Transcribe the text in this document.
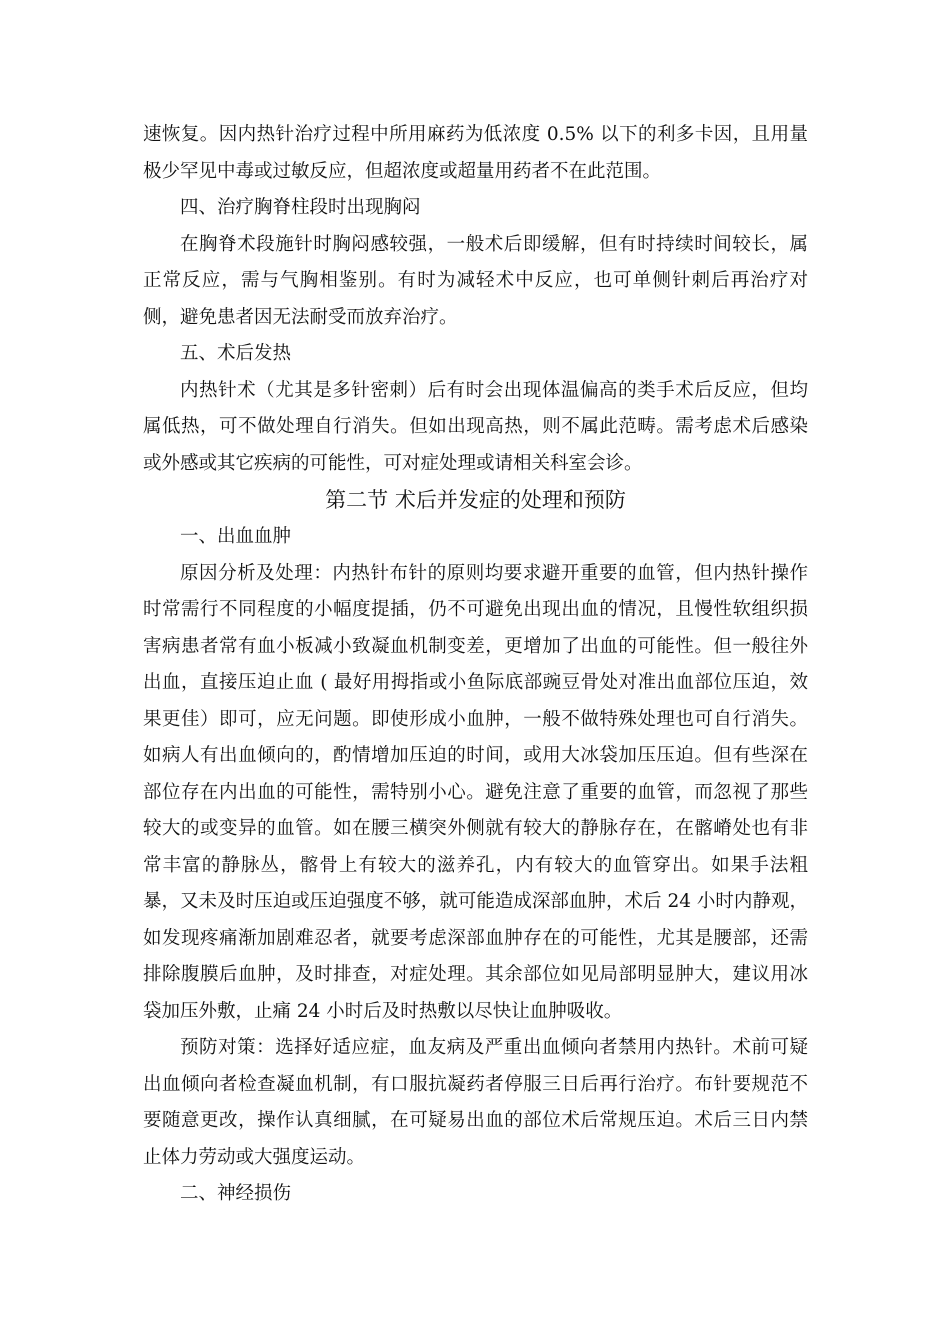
速恢复。因内热针治疗过程中所用麻药为低浓度 0.5% 以下的利多卡因，且用量极少罕见中毒或过敏反应，但超浓度或超量用药者不在此范围。

四、治疗胸脊柱段时出现胸闷

在胸脊术段施针时胸闷感较强，一般术后即缓解，但有时持续时间较长，属正常反应，需与气胸相鉴别。有时为减轻术中反应，也可单侧针刺后再治疗对侧，避免患者因无法耐受而放弃治疗。

五、术后发热

内热针术（尤其是多针密刺）后有时会出现体温偏高的类手术后反应，但均属低热，可不做处理自行消失。但如出现高热，则不属此范畴。需考虑术后感染或外感或其它疾病的可能性，可对症处理或请相关科室会诊。

第二节 术后并发症的处理和预防

一、出血血肿

原因分析及处理：内热针布针的原则均要求避开重要的血管，但内热针操作时常需行不同程度的小幅度提插，仍不可避免出现出血的情况，且慢性软组织损害病患者常有血小板减小致凝血机制变差，更增加了出血的可能性。但一般往外出血，直接压迫止血 ( 最好用拇指或小鱼际底部豌豆骨处对准出血部位压迫，效果更佳）即可，应无问题。即使形成小血肿，一般不做特殊处理也可自行消失。如病人有出血倾向的，酌情增加压迫的时间，或用大冰袋加压压迫。但有些深在部位存在内出血的可能性，需特别小心。避免注意了重要的血管，而忽视了那些较大的或变异的血管。如在腰三横突外侧就有较大的静脉存在，在髂嵴处也有非常丰富的静脉丛，髂骨上有较大的滋养孔，内有较大的血管穿出。如果手法粗暴，又未及时压迫或压迫强度不够，就可能造成深部血肿，术后 24 小时内静观，如发现疼痛渐加剧难忍者，就要考虑深部血肿存在的可能性，尤其是腰部，还需排除腹膜后血肿，及时排查，对症处理。其余部位如见局部明显肿大，建议用冰袋加压外敷，止痛 24 小时后及时热敷以尽快让血肿吸收。

预防对策：选择好适应症，血友病及严重出血倾向者禁用内热针。术前可疑出血倾向者检查凝血机制，有口服抗凝药者停服三日后再行治疗。布针要规范不要随意更改，操作认真细腻，在可疑易出血的部位术后常规压迫。术后三日内禁止体力劳动或大强度运动。

二、神经损伤
